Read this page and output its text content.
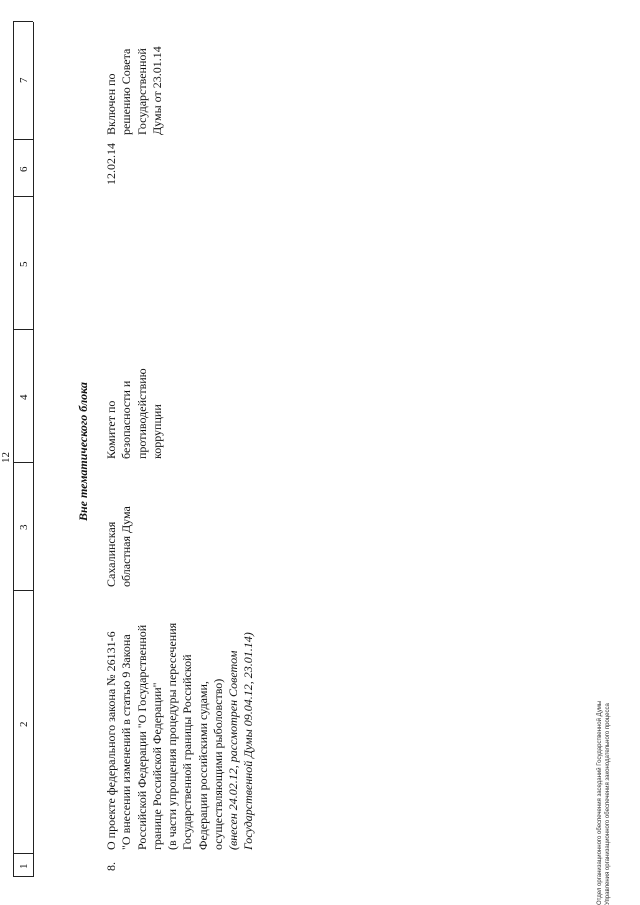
12
1
2
3
4
5
6
7
Вне тематического блока
8.
О проекте федерального закона № 26131-6
"О внесении изменений в статью 9 Закона
Российской Федерации "О Государственной
границе Российской Федерации"
(в части упрощения процедуры пересечения
Государственной границы Российской
Федерации российскими судами,
осуществляющими рыболовство)
(внесен 24.02.12, рассмотрен Советом
Государственной Думы 09.04.12, 23.01.14)
Сахалинская
областная Дума
Комитет по
безопасности и
противодействию
коррупции
12.02.14
Включен по
решению Совета
Государственной
Думы от 23.01.14
Отдел организационного обеспечения заседаний Государственной Думы Управления организационного обеспечения законодательного процесса
